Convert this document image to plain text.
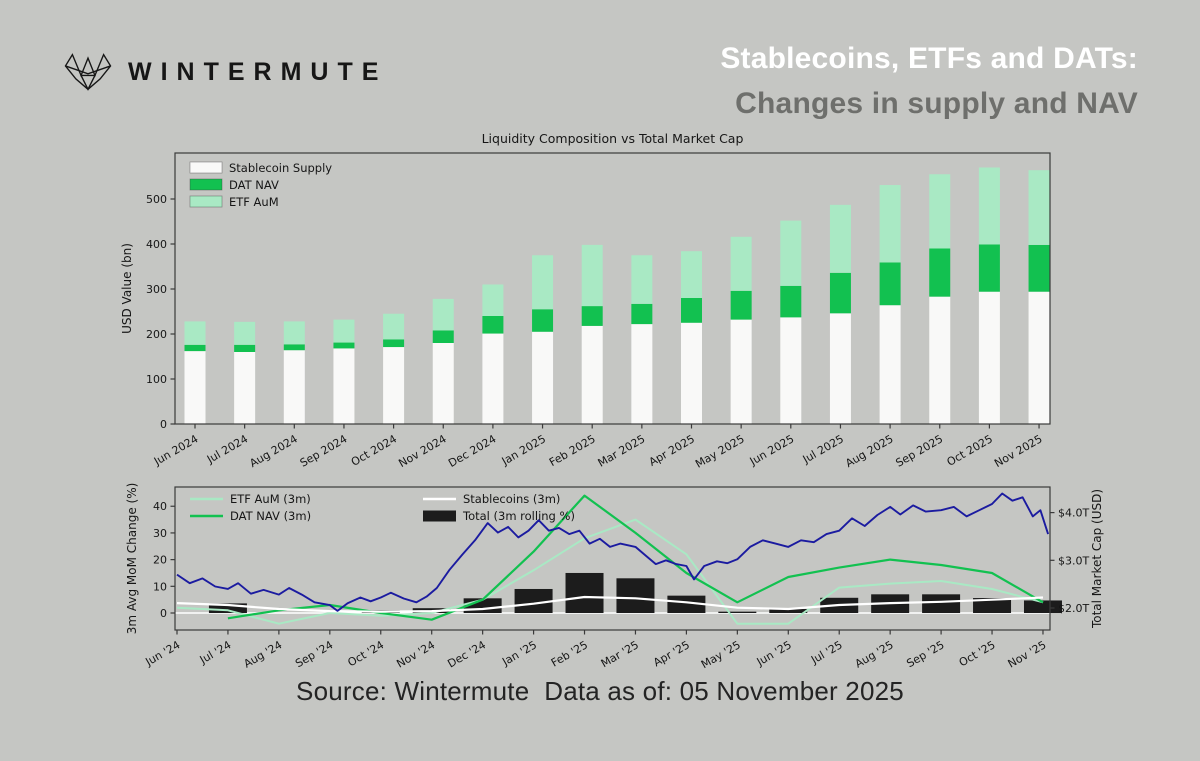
WINTERMUTE	Stablecoins, ETFs and DATs:
Changes in supply and NAV
Liquidity Composition vs Total Market Cap
USD Value (bn)
0
100
200
300
400
500
Jun 2024 Jul 2024
Aug 2024
Sep 2024 Oct 2024
Nov 2024
Dec 2024 Jan 2025 Feb 2025
Mar 2025 Apr 2025
May 2025 Jun 2025 Jul 2025
Aug 2025
Sep 2025 Oct 2025
Nov 2025
Stablecoin Supply
DAT NAV
ETF AuM
0
10
20
30
40
$2.0T
$3.0T
$4.0T
Jun '24 Jul '24 Aug '24 Sep '24 Oct '24 Nov '24 Dec '24 Jan '25 Feb '25 Mar '25 Apr '25 May '25 Jun '25 Jul '25 Aug '25 Sep '25 Oct '25 Nov '25
3m Avg MoM Change (%)	Total Market Cap (USD)
ETF AuM (3m)
DAT NAV (3m)
Stablecoins (3m)
Total (3m rolling %)
Source: Wintermute  Data as of: 05 November 2025
